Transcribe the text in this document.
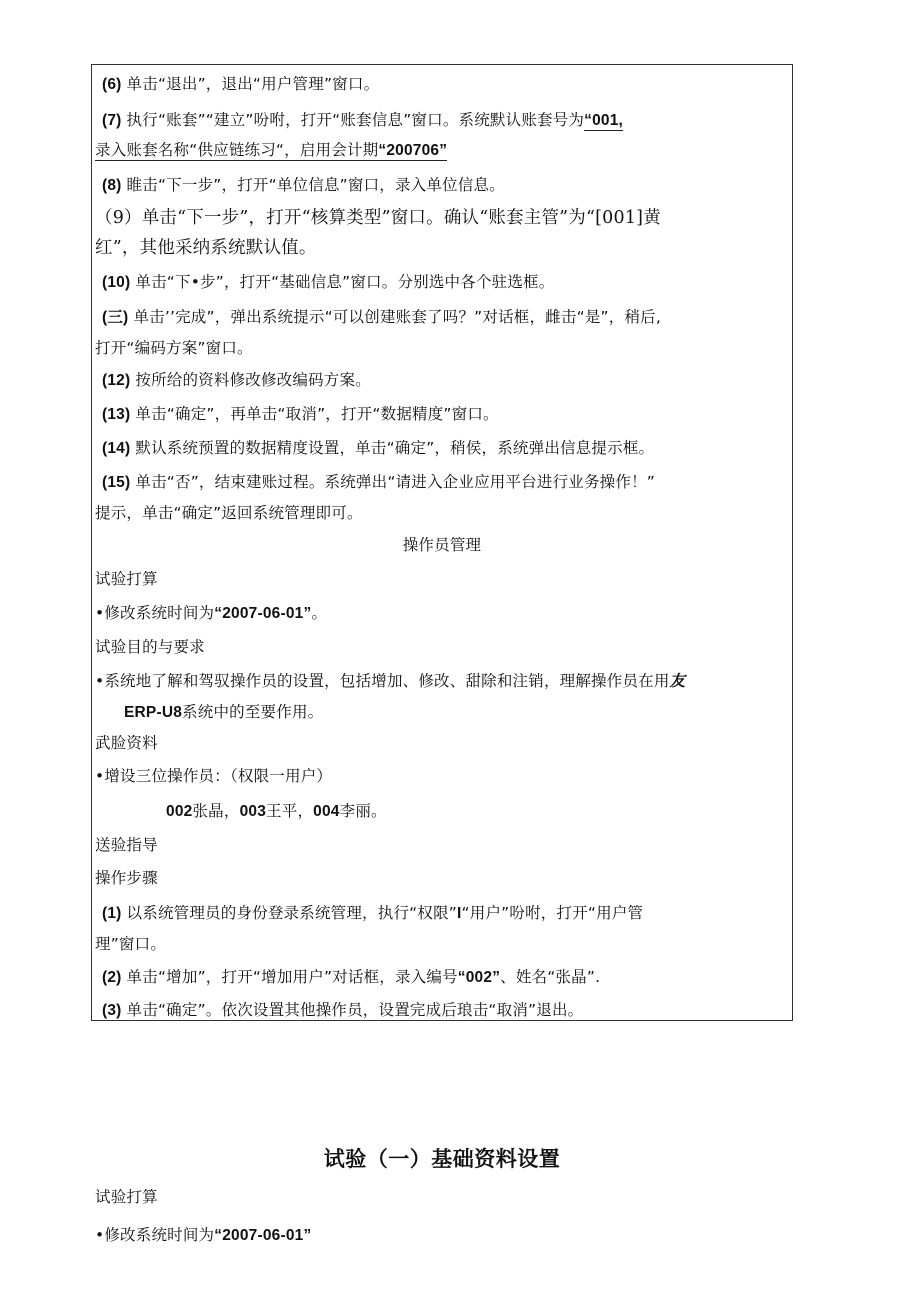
(6) 单击“退出”，退出“用户管理”窗口。
(7) 执行“账套”“建立”吩咐，打开“账套信息”窗口。系统默认账套号为“001,
录入账套名称“供应链练习“，启用会计期“200706”
(8) 睢击“下一步”，打开“单位信息”窗口，录入单位信息。
（9）单击“下一步”，打开“核算类型”窗口。确认“账套主管”为“[001]黄
红”，其他采纳系统默认值。
(10) 单击“下•步”，打开“基础信息”窗口。分别选中各个驻选框。
(三) 单击’’完成”，弹出系统提示“可以创建账套了吗？”对话框，雌击“是”，稍后,
打开“编码方案”窗口。
(12) 按所给的资料修改修改编码方案。
(13) 单击“确定”，再单击“取消”，打开“数据精度”窗口。
(14) 默认系统预置的数据精度设置，单击“确定”，稍侯，系统弹出信息提示框。
(15) 单击“否”，结束建账过程。系统弹出“请进入企业应用平台进行业务操作！”
提示，单击“确定”返回系统管理即可。
操作员管理
试验打算
•修改系统时间为“2007-06-01”。
试验目的与要求
•系统地了解和驾驭操作员的设置，包括增加、修改、甜除和注销，理解操作员在用友
ERP-U8系统中的至要作用。
武脸资料
•增设三位操作员：（权限一用户）
002张晶，003王平，004李丽。
送验指导
操作步骤
(1) 以系统管理员的身份登录系统管理，执行“权限”I“用户”吩咐，打开“用户管
理”窗口。
(2) 单击“增加”，打开“增加用户”对话框，录入编号“002”、姓名“张晶”.
(3) 单击“确定”。依次设置其他操作员，设置完成后琅击“取消”退出。
试验（一）基础资料设置
试验打算
•修改系统时间为“2007-06-01”
